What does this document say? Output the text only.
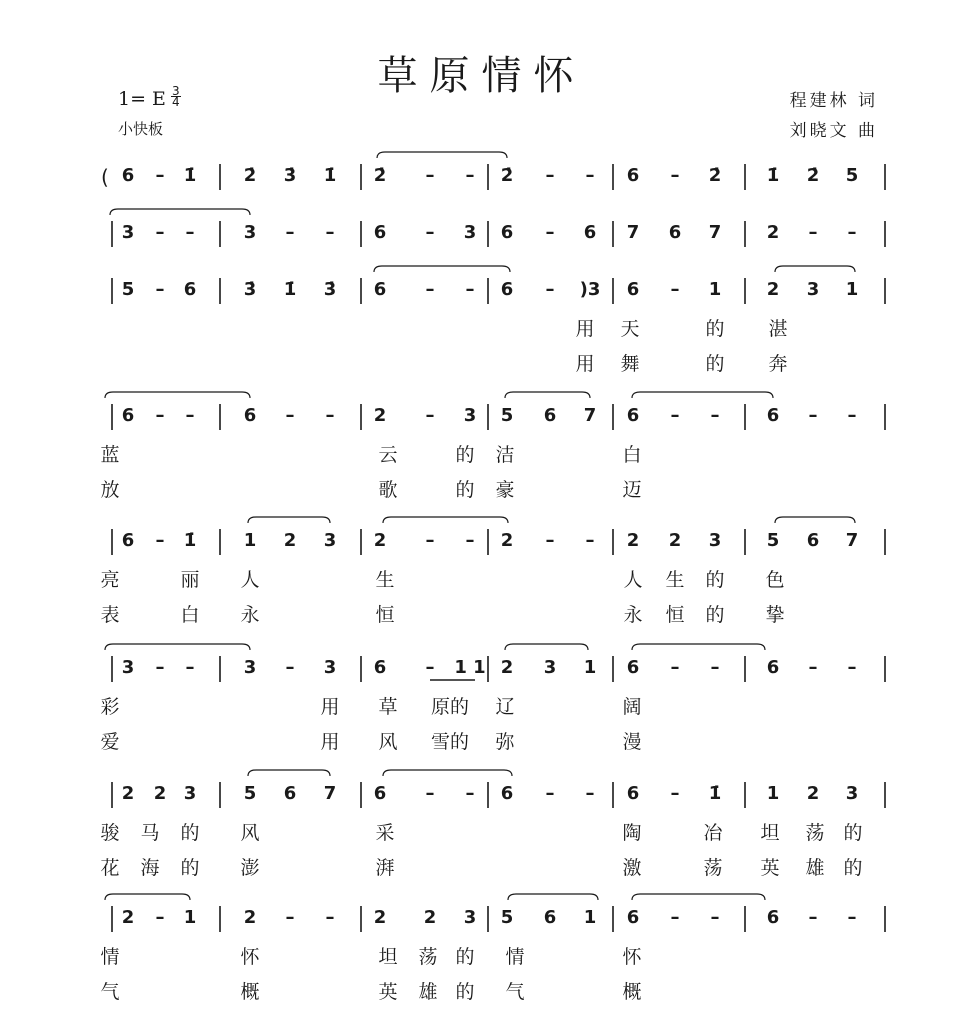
草原情怀
1= E 3
4
小快板
程建林 词
刘晓文 曲
( 6 – 1̇	2̇ 3̇ 1̇ 2̇ – – 2̇ – – 6 – 2̇	1̇ 2̇ 5
3 – –	3 – – 6 – 3 6 – 6 7 6 7	2 – –
5 – 6	3̇ 1̇ 3̇ 6 – – 6 – )3 6 – 1	2 3 1
用 天	的 湛
用 舞	的 奔
6 – –	6 – – 2 – 3 5 6 7 6 – –	6 – –
蓝	云	的 洁	白
放	歌	的 豪	迈
6 – 1̇	1 2 3 2 – – 2 – – 2 2 3	5 6 7
亮	丽 人	生	人 生 的 色
表	白 永	恒	永 恒 的 挚
3 – –	3 – 3 6 – 1 1 2 3 1 6 – –	6 – –
彩	用 草 原的 辽	阔
爱	用 风 雪的 弥	漫
2 2 3	5 6 7 6 – – 6 – – 6 – 1̇	1 2 3
骏 马 的 风	采	陶	冶 坦 荡 的
花 海 的 澎	湃	激	荡 英 雄 的
2 – 1	2 – – 2 2 3 5 6 1 6 – –	6 – –
情	怀	坦 荡 的 情	怀
气	概	英 雄 的 气	概
